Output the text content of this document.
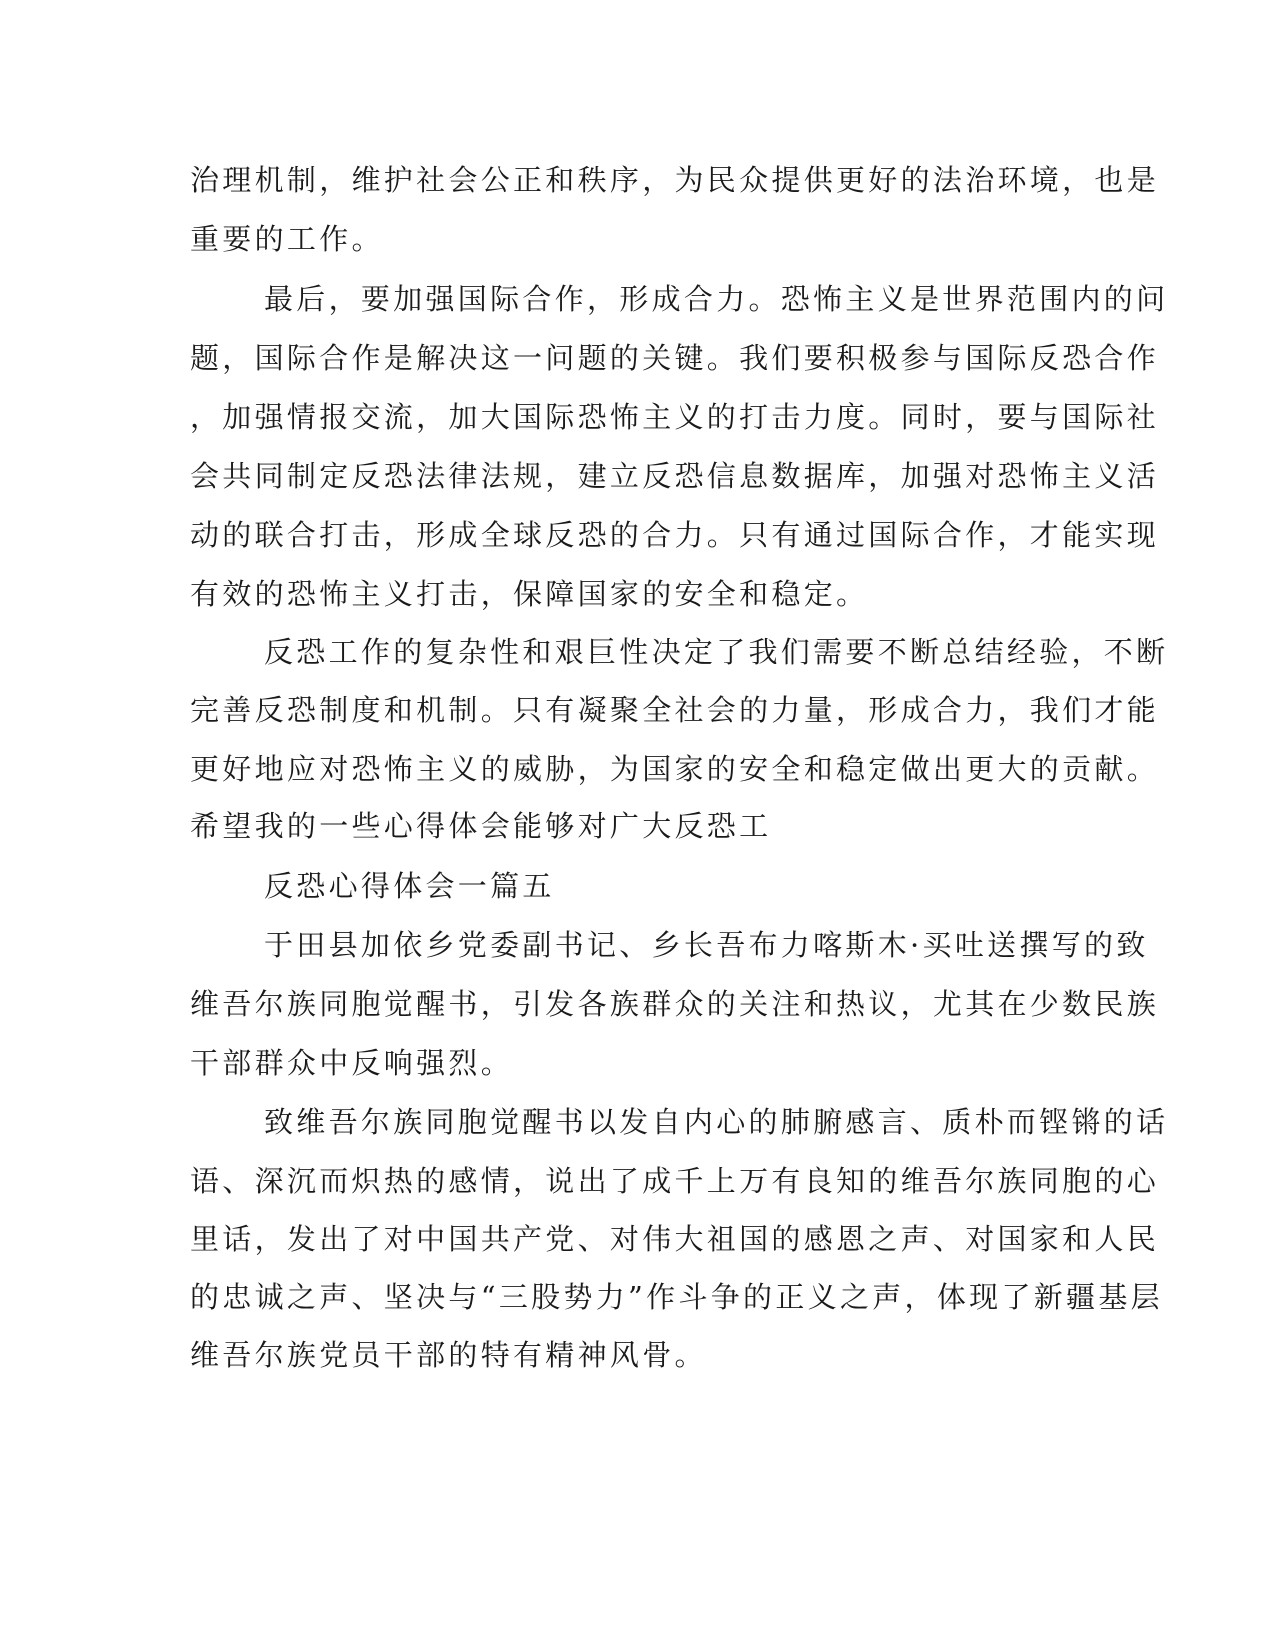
治理机制，维护社会公正和秩序，为民众提供更好的法治环境，也是

重要的工作。

最后，要加强国际合作，形成合力。恐怖主义是世界范围内的问

题，国际合作是解决这一问题的关键。我们要积极参与国际反恐合作

，加强情报交流，加大国际恐怖主义的打击力度。同时，要与国际社

会共同制定反恐法律法规，建立反恐信息数据库，加强对恐怖主义活

动的联合打击，形成全球反恐的合力。只有通过国际合作，才能实现

有效的恐怖主义打击，保障国家的安全和稳定。

反恐工作的复杂性和艰巨性决定了我们需要不断总结经验，不断

完善反恐制度和机制。只有凝聚全社会的力量，形成合力，我们才能

更好地应对恐怖主义的威胁，为国家的安全和稳定做出更大的贡献。

希望我的一些心得体会能够对广大反恐工

反恐心得体会一篇五

于田县加依乡党委副书记、乡长吾布力喀斯木·买吐送撰写的致

维吾尔族同胞觉醒书，引发各族群众的关注和热议，尤其在少数民族

干部群众中反响强烈。

致维吾尔族同胞觉醒书以发自内心的肺腑感言、质朴而铿锵的话

语、深沉而炽热的感情，说出了成千上万有良知的维吾尔族同胞的心

里话，发出了对中国共产党、对伟大祖国的感恩之声、对国家和人民

的忠诚之声、坚决与“三股势力”作斗争的正义之声，体现了新疆基层

维吾尔族党员干部的特有精神风骨。
